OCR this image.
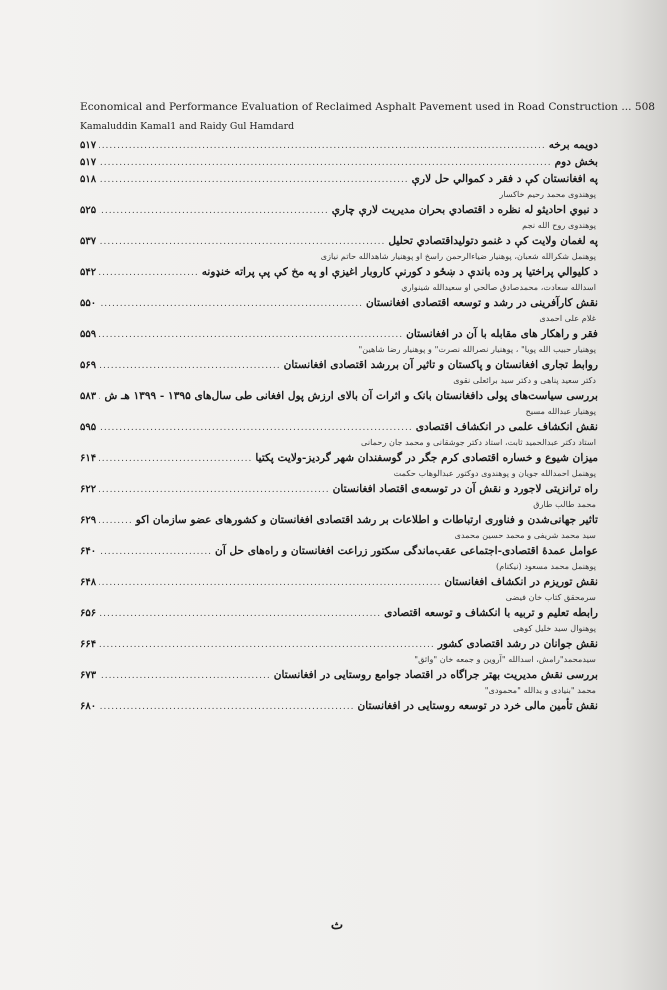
Economical and Performance Evaluation of Reclaimed Asphalt Pavement used in Road Construction ... 508
Kamaluddin Kamal1 and Raidy Gul Hamdard
دويمه برخه
.....
۵۱۷
بخش دوم
.....
۵۱۷
په افغانستان کې د فقر د کموالي حل لارې
.....
۵۱۸
پوهندوی محمد رحيم خاکسار
د نبوي احاديثو له نظره د اقتصادي بحران مديريت لارې چارې
.....
۵۲۵
پوهندوی روح الله نجم
په لغمان ولايت کې د غنمو دتوليداقتصادي تحليل
.....
۵۳۷
پوهنمل شکرالله شعبان، پوهنيار ضياءالرحمن راسخ او پوهنيار شاهدالله حاتم نيازی
د کليوالي پراختيا پر وده باندې د ښځو د کورنې کاروبار اغيزې او په مخ کې پې پراته خنډونه
.....
۵۴۲
اسدالله سعادت، محمدصادق صالحي او سعيدالله شينواري
نقش کارآفرينی در رشد و توسعه اقتصادی افغانستان
.....
۵۵۰
غلام علی احمدی
فقر و راهکار های مقابله با آن در افغانستان
.....
۵۵۹
پوهنيار حبيب الله پويا" ، پوهنيار نصرالله نصرت" و پوهنيار رضا شاهين"
روابط تجاری افغانستان و پاکستان و تاثير آن بررشد اقتصادی افغانستان
.....
۵۶۹
دکتر سعيد پناهی و دکتر سيد برائعلی نقوی
بررسی سياست‌های پولی دافغانستان بانک و اثرات آن بالای ارزش پول افغانی طی سال‌های ۱۳۹۵ - ۱۳۹۹ هـ ش
.....
۵۸۳
پوهنيار عبدالله مسيح
نقش انکشاف علمی در انکشاف اقتصادی
.....
۵۹۵
استاد دکتر عبدالحميد ثابت، استاد دکتر جوشقانی و محمد جان رحمانی
ميزان شيوع و خساره اقتصادی کرم جگر در گوسفندان شهر گرديز-ولايت پکتيا
.....
۶۱۴
پوهنمل احمدالله جويان و پوهندوی دوکتور عبدالوهاب حکمت
راه ترانزيتی لاجورد و نقش آن در توسعه‌ی اقتصاد افغانستان
.....
۶۲۲
محمد طالب طارق
تاثير جهانی‌شدن و فناوری ارتباطات و اطلاعات بر رشد اقتصادی افغانستان و کشورهای عضو سازمان اکو
.....
۶۲۹
سيد محمد شريفی و محمد حسين محمدی
عوامل عمدهٔ اقتصادی-اجتماعی عقب‌ماندگی سکتور زراعت افغانستان و راه‌های حل آن
.....
۶۴۰
پوهنمل محمد مسعود (نيکنام)
نقش توريزم در انکشاف افغانستان
.....
۶۴۸
سرمحقق کتاب خان فيضی
رابطه تعليم و تربيه با انکشاف و توسعه اقتصادی
.....
۶۵۶
پوهنوال سيد خليل کوهی
نقش جوانان در رشد اقتصادی کشور
.....
۶۶۴
سيدمحمد"رامش، اسدالله "آروين و جمعه خان "واثق"
بررسی نقش مديريت بهتر جراگاه در اقتصاد جوامع روستايی در افغانستان
.....
۶۷۳
محمد "بنيادی و يدالله "محمودی"
نقش تأمين مالی خرد در توسعه روستايی در افغانستان
.....
۶۸۰
ث
